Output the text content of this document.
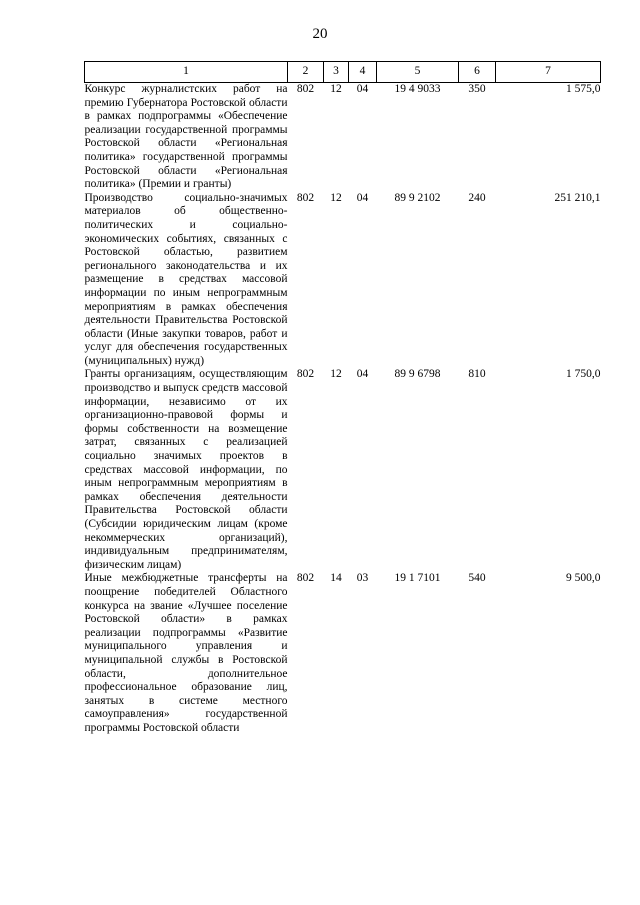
20
1	2	3	4	5	6	7
Конкурс журналистских работ на премию Губернатора Ростовской области в рамках подпрограммы «Обеспечение реализации государственной программы Ростовской области «Региональная политика» государственной программы Ростовской области «Региональная политика» (Премии и гранты)	802	12	04	19 4 9033	350	1 575,0
Производство социально-значимых материалов об общественно-политических и социально-экономических событиях, связанных с Ростовской областью, развитием регионального законодательства и их размещение в средствах массовой информации по иным непрограммным мероприятиям в рамках обеспечения деятельности Правительства Ростовской области (Иные закупки товаров, работ и услуг для обеспечения государственных (муниципальных) нужд)	802	12	04	89 9 2102	240	251 210,1
Гранты организациям, осуществляющим производство и выпуск средств массовой информации, независимо от их организационно-правовой формы и формы собственности на возмещение затрат, связанных с реализацией социально значимых проектов в средствах массовой информации, по иным непрограммным мероприятиям в рамках обеспечения деятельности Правительства Ростовской области (Субсидии юридическим лицам (кроме некоммерческих организаций), индивидуальным предпринимателям, физическим лицам)	802	12	04	89 9 6798	810	1 750,0
Иные межбюджетные трансферты на поощрение победителей Областного конкурса на звание «Лучшее поселение Ростовской области» в рамках реализации подпрограммы «Развитие муниципального управления и муниципальной службы в Ростовской области, дополнительное профессиональное образование лиц, занятых в системе местного самоуправления» государственной программы Ростовской области	802	14	03	19 1 7101	540	9 500,0
